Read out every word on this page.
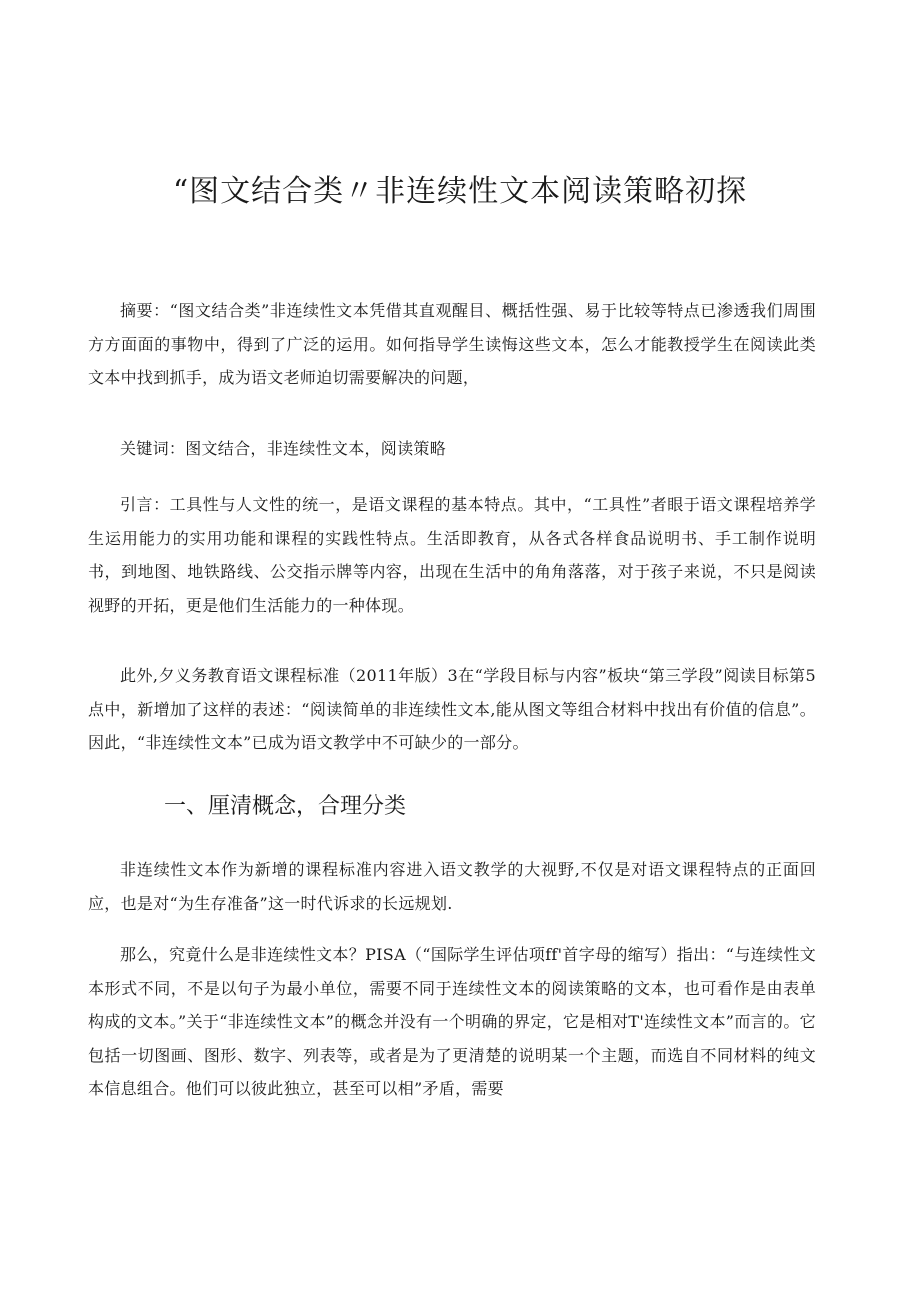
“图文结合类〃非连续性文本阅读策略初探

摘要：“图文结合类”非连续性文本凭借其直观醒目、概括性强、易于比较等特点已渗透我们周围方方面面的事物中，得到了广泛的运用。如何指导学生读悔这些文本，怎么才能教授学生在阅读此类文本中找到抓手，成为语文老师迫切需要解决的问题，

关键词：图文结合，非连续性文本，阅读策略

引言：工具性与人文性的统一，是语文课程的基本特点。其中，“工具性”者眼于语文课程培养学生运用能力的实用功能和课程的实践性特点。生活即教育，从各式各样食品说明书、手工制作说明书，到地图、地铁路线、公交指示牌等内容，出现在生活中的角角落落，对于孩子来说，不只是阅读视野的开拓，更是他们生活能力的一种体现。

此外,夕义务教育语文课程标准（2011年版）3在“学段目标与内容”板块“第三学段”阅读目标第5点中，新增加了这样的表述：“阅读简单的非连续性文本,能从图文等组合材料中找出有价值的信息”。因此，“非连续性文本”已成为语文教学中不可缺少的一部分。

一、厘清概念，合理分类

非连续性文本作为新增的课程标准内容进入语文教学的大视野,不仅是对语文课程特点的正面回应，也是对“为生存准备”这一时代诉求的长远规划.

那么，究竟什么是非连续性文本？PISA（“国际学生评估项ff'首字母的缩写）指出：“与连续性文本形式不同，不是以句子为最小单位，需要不同于连续性文本的阅读策略的文本，也可看作是由表单构成的文本。”关于“非连续性文本”的概念并没有一个明确的界定，它是相对T'连续性文本”而言的。它包括一切图画、图形、数字、列表等，或者是为了更清楚的说明某一个主题，而选自不同材料的纯文本信息组合。他们可以彼此独立，甚至可以相”矛盾，需要
